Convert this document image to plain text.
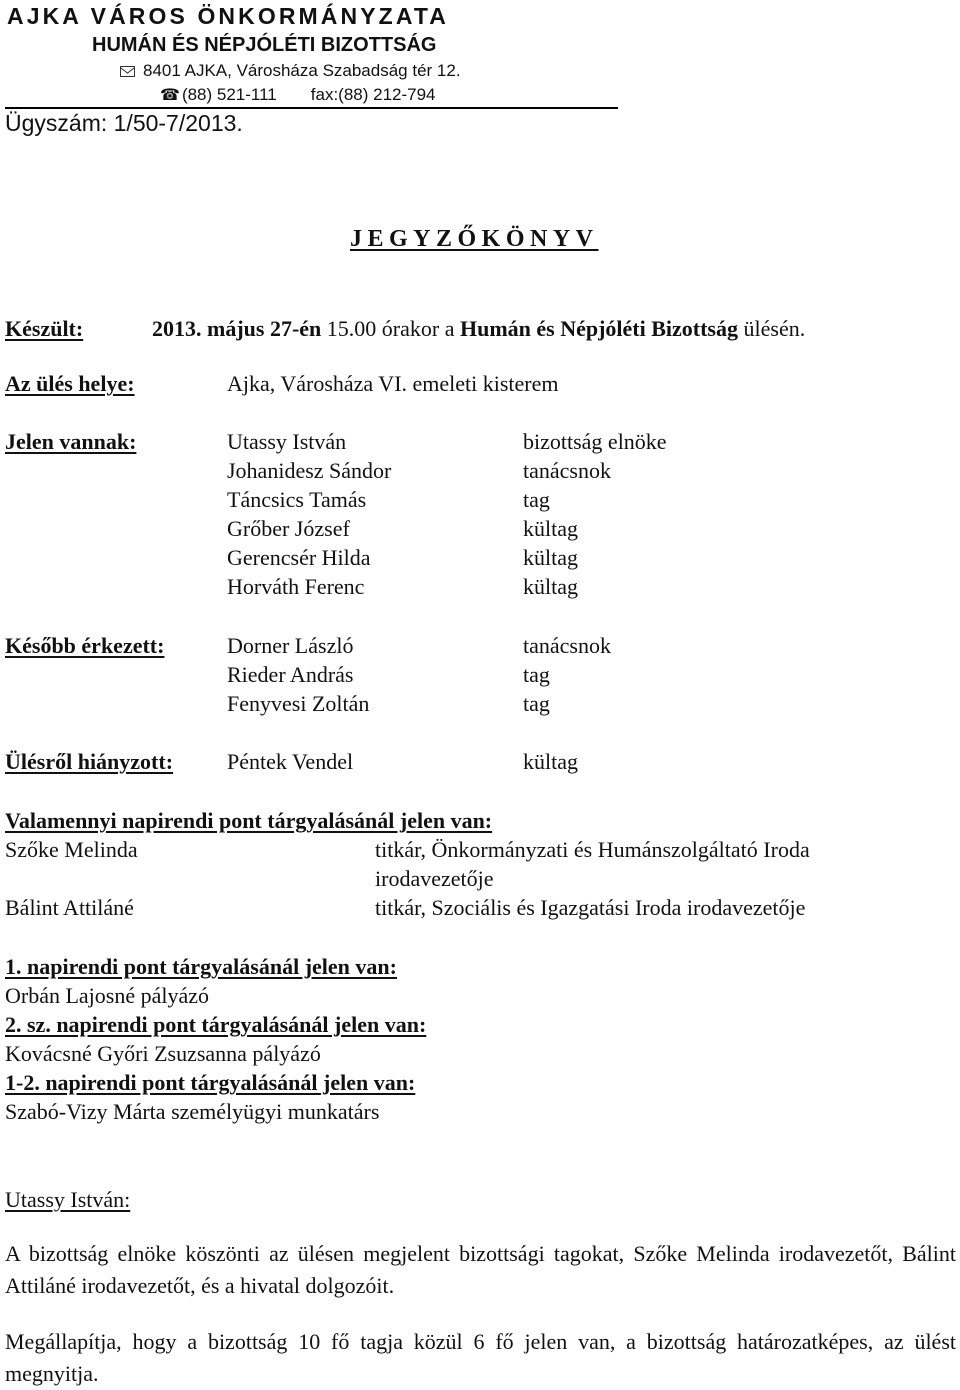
AJKA VÁROS ÖNKORMÁNYZATA
HUMÁN ÉS NÉPJÓLÉTI BIZOTTSÁG
8401 AJKA, Városháza Szabadság tér 12.
☎ (88) 521-111 fax:(88) 212-794
Ügyszám: 1/50-7/2013.
JEGYZŐKÖNYV
Készült:	2013. május 27-én 15.00 órakor a Humán és Népjóléti Bizottság ülésén.
Az ülés helye:	Ajka, Városháza VI. emeleti kisterem
Jelen vannak:	Utassy István	bizottság elnöke
Johanidesz Sándor	tanácsnok
Táncsics Tamás	tag
Grőber József	kültag
Gerencsér Hilda	kültag
Horváth Ferenc	kültag
Később érkezett:	Dorner László	tanácsnok
Rieder András	tag
Fenyvesi Zoltán	tag
Ülésről hiányzott: Péntek Vendel	kültag
Valamennyi napirendi pont tárgyalásánál jelen van:
Szőke Melinda	titkár, Önkormányzati és Humánszolgáltató Iroda
irodavezetője
Bálint Attiláné	titkár, Szociális és Igazgatási Iroda irodavezetője
1. napirendi pont tárgyalásánál jelen van:
Orbán Lajosné pályázó
2. sz. napirendi pont tárgyalásánál jelen van:
Kovácsné Győri Zsuzsanna pályázó
1-2. napirendi pont tárgyalásánál jelen van:
Szabó-Vizy Márta személyügyi munkatárs
Utassy István:
A bizottság elnöke köszönti az ülésen megjelent bizottsági tagokat, Szőke Melinda irodavezetőt, Bálint Attiláné irodavezetőt, és a hivatal dolgozóit.
Megállapítja, hogy a bizottság 10 fő tagja közül 6 fő jelen van, a bizottság határozatképes, az ülést megnyitja.
